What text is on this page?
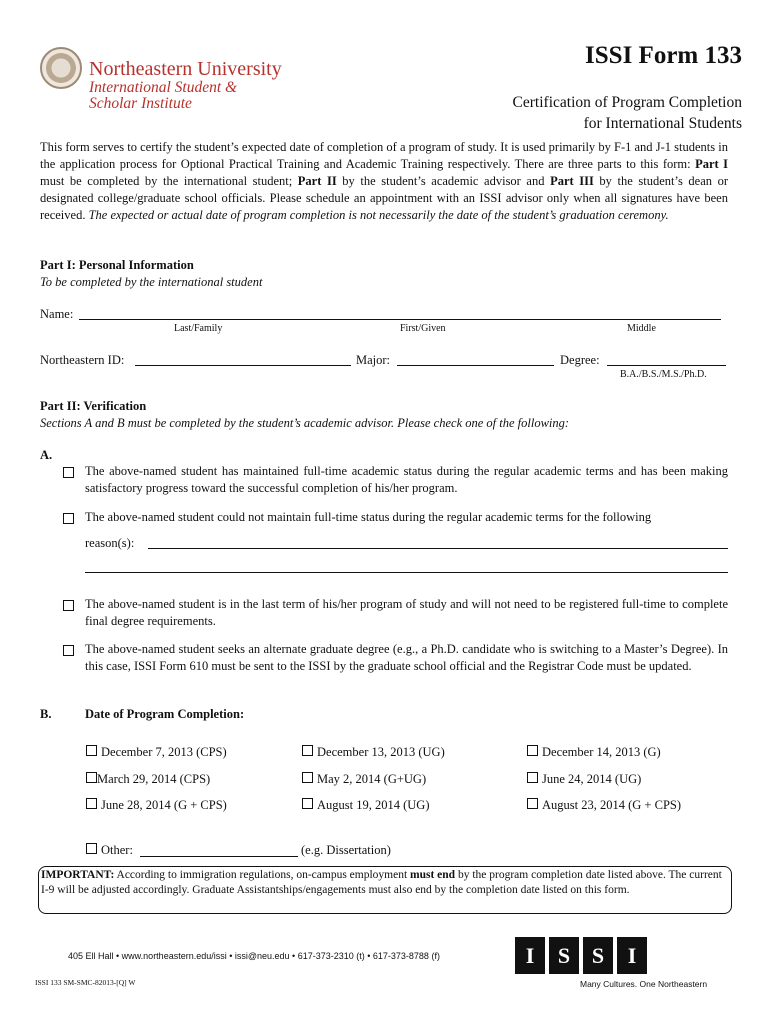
Northeastern University
International Student &
Scholar Institute
ISSI Form 133
Certification of Program Completion
for International Students
This form serves to certify the student’s expected date of completion of a program of study. It is used primarily by F-1 and J-1 students in the application process for Optional Practical Training and Academic Training respectively. There are three parts to this form: Part I must be completed by the international student; Part II by the student’s academic advisor and Part III by the student’s dean or designated college/graduate school officials. Please schedule an appointment with an ISSI advisor only when all signatures have been received. The expected or actual date of program completion is not necessarily the date of the student’s graduation ceremony.
Part I: Personal Information
To be completed by the international student
Name:
Last/Family	First/Given	Middle
Northeastern ID:	Major:	Degree:
B.A./B.S./M.S./Ph.D.
Part II: Verification
Sections A and B must be completed by the student’s academic advisor. Please check one of the following:
A.
The above-named student has maintained full-time academic status during the regular academic terms and has been making satisfactory progress toward the successful completion of his/her program.
The above-named student could not maintain full-time status during the regular academic terms for the following
reason(s):
The above-named student is in the last term of his/her program of study and will not need to be registered full-time to complete final degree requirements.
The above-named student seeks an alternate graduate degree (e.g., a Ph.D. candidate who is switching to a Master’s Degree). In this case, ISSI Form 610 must be sent to the ISSI by the graduate school official and the Registrar Code must be updated.
B.	Date of Program Completion:
December 7, 2013 (CPS)	December 13, 2013 (UG)	December 14, 2013 (G)
March 29, 2014 (CPS)	May 2, 2014 (G+UG)	June 24, 2014 (UG)
June 28, 2014 (G + CPS)	August 19, 2014 (UG)	August 23, 2014 (G + CPS)
Other:	(e.g. Dissertation)
IMPORTANT: According to immigration regulations, on-campus employment must end by the program completion date listed above. The current I-9 will be adjusted accordingly. Graduate Assistantships/engagements must also end by the completion date listed on this form.
405 Ell Hall • www.northeastern.edu/issi • issi@neu.edu • 617-373-2310 (t) • 617-373-8788 (f)
ISSI 133 SM-SMC-82013-[Q] W
I	S S	I
Many Cultures. One Northeastern
